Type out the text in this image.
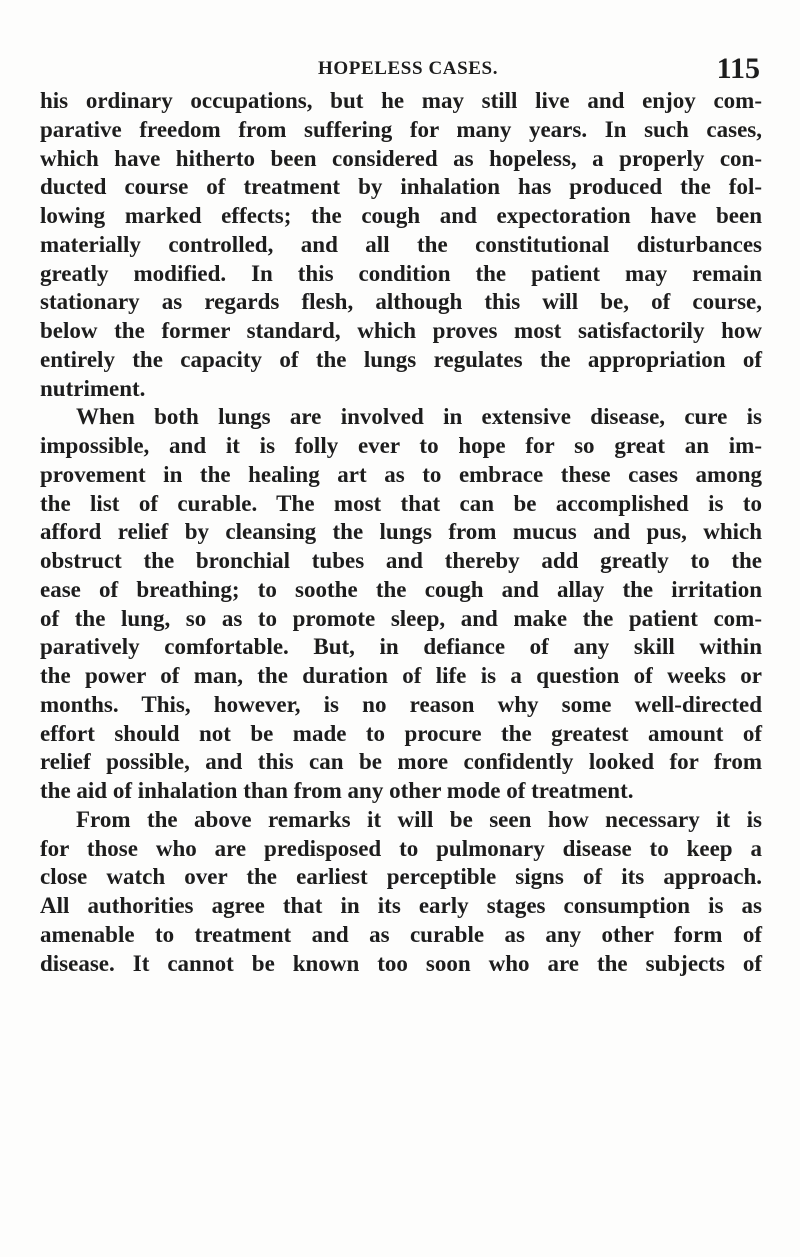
HOPELESS CASES.	115
his ordinary occupations, but he may still live and enjoy com-
parative freedom from suffering for many years. In such cases,
which have hitherto been considered as hopeless, a properly con-
ducted course of treatment by inhalation has produced the fol-
lowing marked effects; the cough and expectoration have been
materially controlled, and all the constitutional disturbances
greatly modified. In this condition the patient may remain
stationary as regards flesh, although this will be, of course,
below the former standard, which proves most satisfactorily how
entirely the capacity of the lungs regulates the appropriation of
nutriment.
When both lungs are involved in extensive disease, cure is
impossible, and it is folly ever to hope for so great an im-
provement in the healing art as to embrace these cases among
the list of curable. The most that can be accomplished is to
afford relief by cleansing the lungs from mucus and pus, which
obstruct the bronchial tubes and thereby add greatly to the
ease of breathing; to soothe the cough and allay the irritation
of the lung, so as to promote sleep, and make the patient com-
paratively comfortable. But, in defiance of any skill within
the power of man, the duration of life is a question of weeks or
months. This, however, is no reason why some well-directed
effort should not be made to procure the greatest amount of
relief possible, and this can be more confidently looked for from
the aid of inhalation than from any other mode of treatment.
From the above remarks it will be seen how necessary it is
for those who are predisposed to pulmonary disease to keep a
close watch over the earliest perceptible signs of its approach.
All authorities agree that in its early stages consumption is as
amenable to treatment and as curable as any other form of
disease. It cannot be known too soon who are the subjects of
